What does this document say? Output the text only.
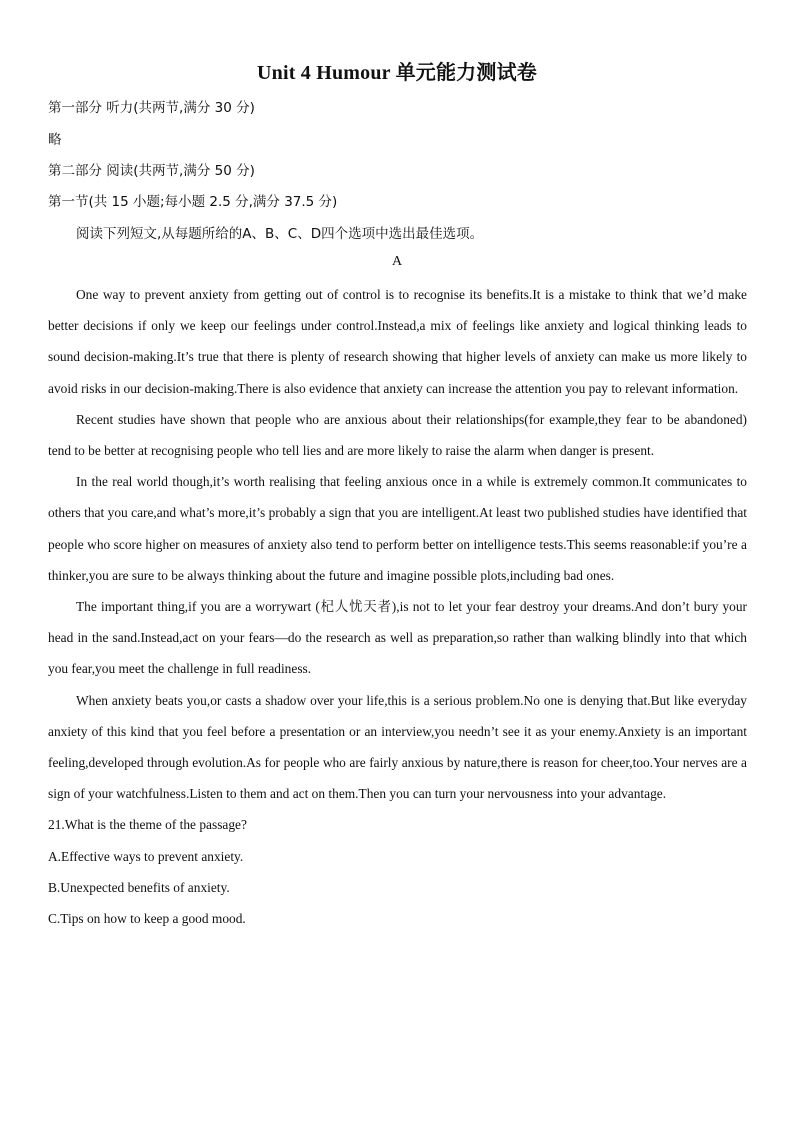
Unit 4 Humour 单元能力测试卷
第一部分 听力(共两节,满分 30 分)
略
第二部分 阅读(共两节,满分 50 分)
第一节(共 15 小题;每小题 2.5 分,满分 37.5 分)
阅读下列短文,从每题所给的A、B、C、D四个选项中选出最佳选项。
A

One way to prevent anxiety from getting out of control is to recognise its benefits.It is a mistake to think that we’d make better decisions if only we keep our feelings under control.Instead,a mix of feelings like anxiety and logical thinking leads to sound decision-making.It’s true that there is plenty of research showing that higher levels of anxiety can make us more likely to avoid risks in our decision-making.There is also evidence that anxiety can increase the attention you pay to relevant information.

Recent studies have shown that people who are anxious about their relationships(for example,they fear to be abandoned) tend to be better at recognising people who tell lies and are more likely to raise the alarm when danger is present.

In the real world though,it’s worth realising that feeling anxious once in a while is extremely common.It communicates to others that you care,and what’s more,it’s probably a sign that you are intelligent.At least two published studies have identified that people who score higher on measures of anxiety also tend to perform better on intelligence tests.This seems reasonable:if you’re a thinker,you are sure to be always thinking about the future and imagine possible plots,including bad ones.

The important thing,if you are a worrywart (杞人忧天者),is not to let your fear destroy your dreams.And don’t bury your head in the sand.Instead,act on your fears—do the research as well as preparation,so rather than walking blindly into that which you fear,you meet the challenge in full readiness.

When anxiety beats you,or casts a shadow over your life,this is a serious problem.No one is denying that.But like everyday anxiety of this kind that you feel before a presentation or an interview,you needn’t see it as your enemy.Anxiety is an important feeling,developed through evolution.As for people who are fairly anxious by nature,there is reason for cheer,too.Your nerves are a sign of your watchfulness.Listen to them and act on them.Then you can turn your nervousness into your advantage.

21.What is the theme of the passage?

A.Effective ways to prevent anxiety.

B.Unexpected benefits of anxiety.

C.Tips on how to keep a good mood.
